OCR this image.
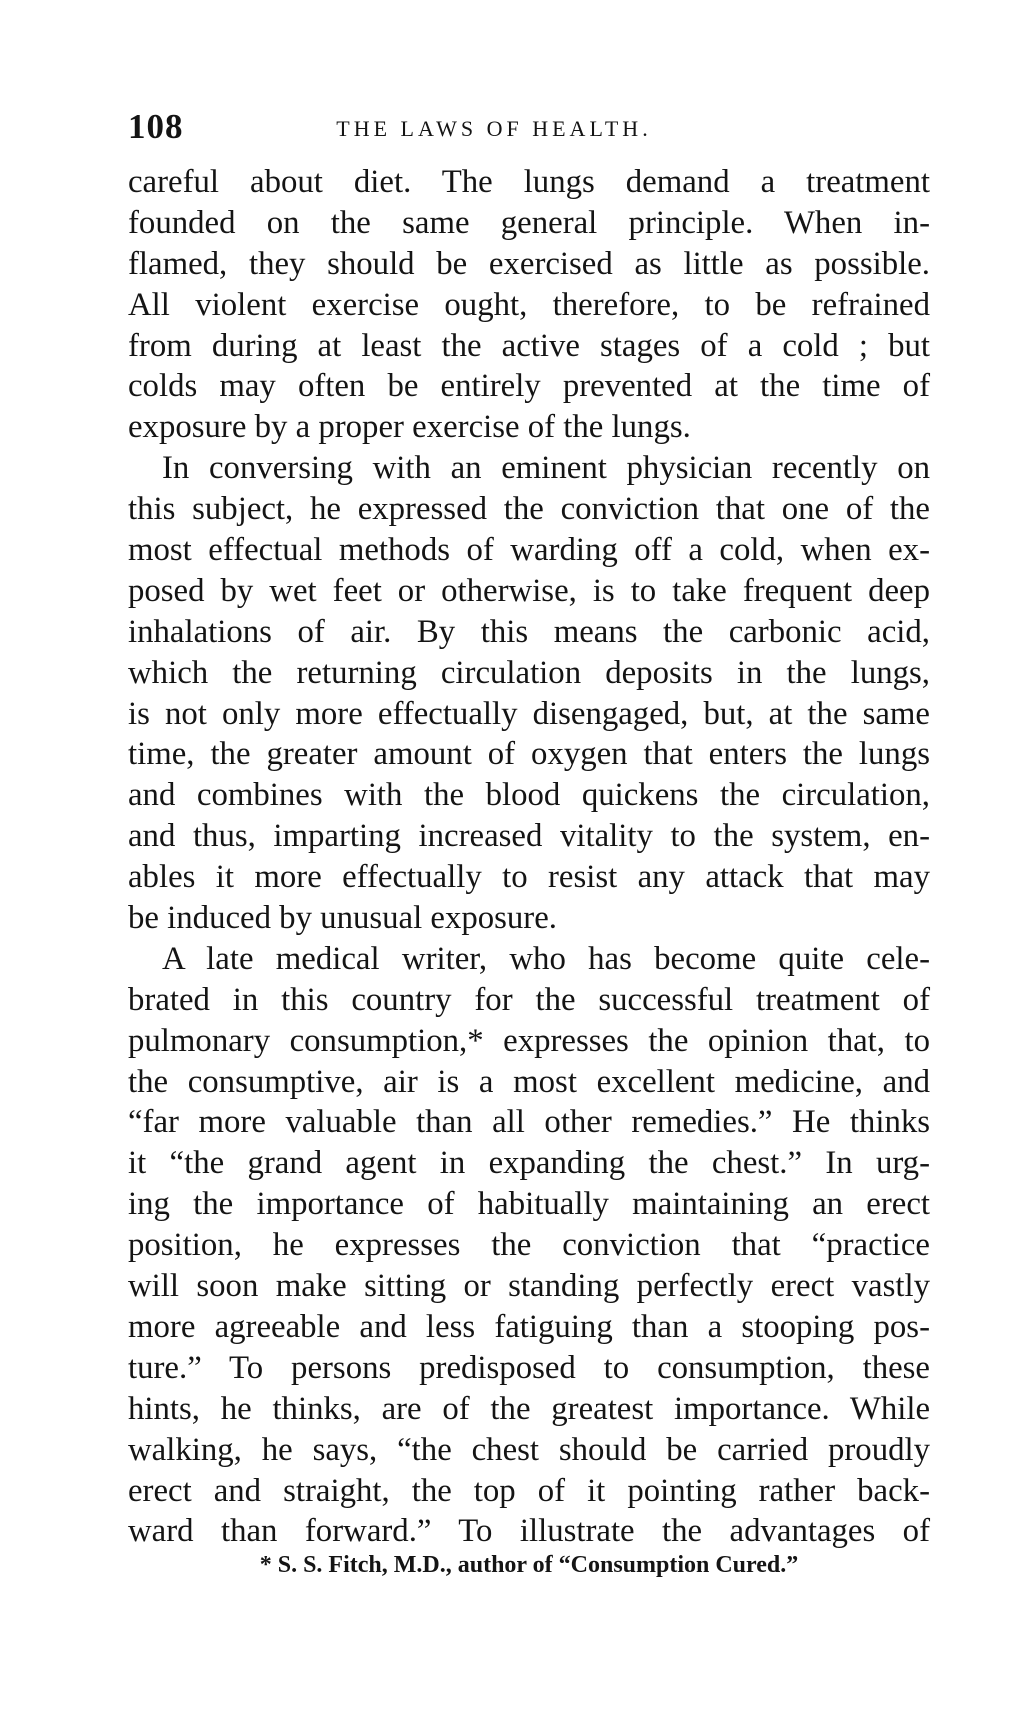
108	THE LAWS OF HEALTH.
careful about diet. The lungs demand a treatment
founded on the same general principle. When in-
flamed, they should be exercised as little as possible.
All violent exercise ought, therefore, to be refrained
from during at least the active stages of a cold ; but
colds may often be entirely prevented at the time of
exposure by a proper exercise of the lungs.
In conversing with an eminent physician recently on
this subject, he expressed the conviction that one of the
most effectual methods of warding off a cold, when ex-
posed by wet feet or otherwise, is to take frequent deep
inhalations of air. By this means the carbonic acid,
which the returning circulation deposits in the lungs,
is not only more effectually disengaged, but, at the same
time, the greater amount of oxygen that enters the lungs
and combines with the blood quickens the circulation,
and thus, imparting increased vitality to the system, en-
ables it more effectually to resist any attack that may
be induced by unusual exposure.
A late medical writer, who has become quite cele-
brated in this country for the successful treatment of
pulmonary consumption,* expresses the opinion that, to
the consumptive, air is a most excellent medicine, and
“far more valuable than all other remedies.” He thinks
it “the grand agent in expanding the chest.” In urg-
ing the importance of habitually maintaining an erect
position, he expresses the conviction that “practice
will soon make sitting or standing perfectly erect vastly
more agreeable and less fatiguing than a stooping pos-
ture.” To persons predisposed to consumption, these
hints, he thinks, are of the greatest importance. While
walking, he says, “the chest should be carried proudly
erect and straight, the top of it pointing rather back-
ward than forward.” To illustrate the advantages of
* S. S. Fitch, M.D., author of “Consumption Cured.”
